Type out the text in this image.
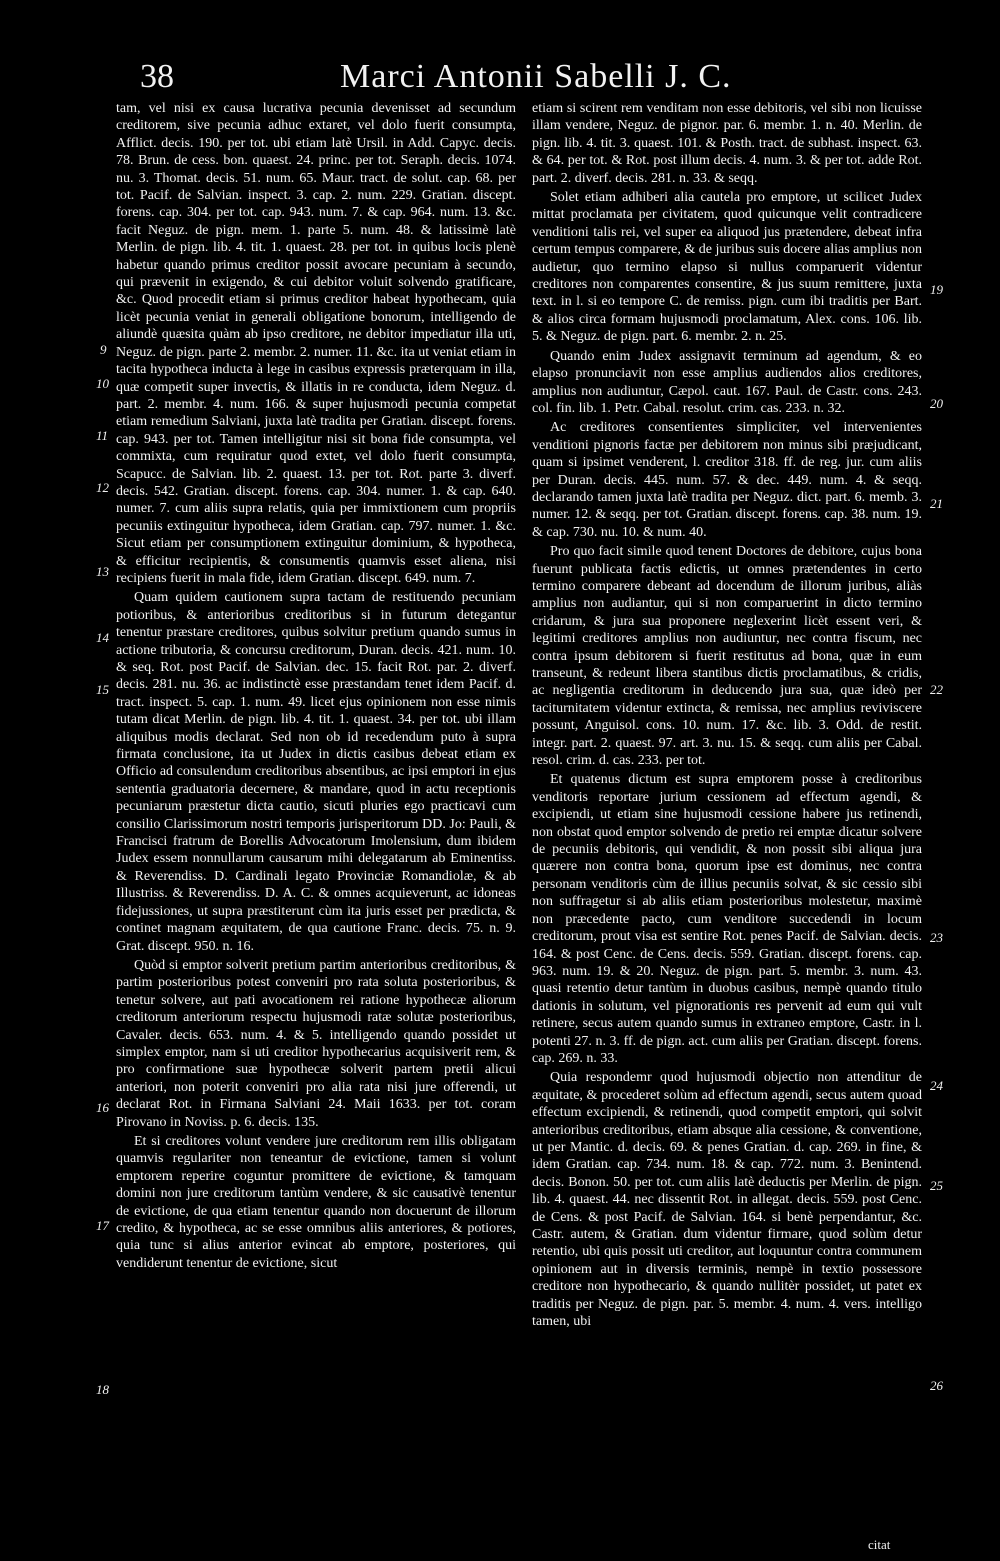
38	Marci Antonii Sabelli J. C.

tam, vel nisi ex causa lucrativa pecunia devenisset ad secundum creditorem, sive pecunia adhuc extaret, vel dolo fuerit consumpta, Afflict. decis. 190. per tot. ubi etiam latè Ursil. in Add. Capyc. decis. 78. Brun. de cess. bon. quaest. 24. princ. per tot. Seraph. decis. 1074. nu. 3. Thomat. decis. 51. num. 65. Maur. tract. de solut. cap. 68. per tot. Pacif. de Salvian. inspect. 3. cap. 2. num. 229. Gratian. discept. forens. cap. 304. per tot. cap. 943. num. 7. & cap. 964. num. 13. &c. facit Neguz. de pign. mem. 1. parte 5. num. 48. & latissimè latè Merlin. de pign. lib. 4. tit. 1. quaest. 28. per tot. in quibus locis plenè habetur quando primus creditor possit avocare pecuniam à secundo, qui prævenit in exigendo, & cui debitor voluit solvendo gratificare, &c. Quod procedit etiam si primus creditor habeat hypothecam, quia licèt pecunia veniat in generali obligatione bonorum, intelligendo de aliundè quæsita quàm ab ipso creditore, ne debitor impediatur illa uti, Neguz. de pign. parte 2. membr. 2. numer. 11. &c. ita ut veniat etiam in tacita hypotheca inducta à lege in casibus expressis præterquam in illa, quæ competit super invectis, & illatis in re conducta, idem Neguz. d. part. 2. membr. 4. num. 166. & super hujusmodi pecunia competat etiam remedium Salviani, juxta latè tradita per Gratian. discept. forens. cap. 943. per tot. Tamen intelligitur nisi sit bona fide consumpta, vel commixta, cum requiratur quod extet, vel dolo fuerit consumpta, Scapucc. de Salvian. lib. 2. quaest. 13. per tot. Rot. parte 3. diverf. decis. 542. Gratian. discept. forens. cap. 304. numer. 1. & cap. 640. numer. 7. cum aliis supra relatis, quia per immixtionem cum propriis pecuniis extinguitur hypotheca, idem Gratian. cap. 797. numer. 1. &c. Sicut etiam per consumptionem extinguitur dominium, & hypotheca, & efficitur recipientis, & consumentis quamvis esset aliena, nisi recipiens fuerit in mala fide, idem Gratian. discept. 649. num. 7.

Quam quidem cautionem supra tactam de restituendo pecuniam potioribus, & anterioribus creditoribus si in futurum detegantur tenentur præstare creditores, quibus solvitur pretium quando sumus in actione tributoria, & concursu creditorum, Duran. decis. 421. num. 10. & seq. Rot. post Pacif. de Salvian. dec. 15. facit Rot. par. 2. diverf. decis. 281. nu. 36. ac indistinctè esse præstandam tenet idem Pacif. d. tract. inspect. 5. cap. 1. num. 49. licet ejus opinionem non esse nimis tutam dicat Merlin. de pign. lib. 4. tit. 1. quaest. 34. per tot. ubi illam aliquibus modis declarat. Sed non ob id recedendum puto à supra firmata conclusione, ita ut Judex in dictis casibus debeat etiam ex Officio ad consulendum creditoribus absentibus, ac ipsi emptori in ejus sententia graduatoria decernere, & mandare, quod in actu receptionis pecuniarum præstetur dicta cautio, sicuti pluries ego practicavi cum consilio Clarissimorum nostri temporis jurisperitorum DD. Jo: Pauli, & Francisci fratrum de Borellis Advocatorum Imolensium, dum ibidem Judex essem nonnullarum causarum mihi delegatarum ab Eminentiss. & Reverendiss. D. Cardinali legato Provinciæ Romandiolæ, & ab Illustriss. & Reverendiss. D. A. C. & omnes acquieverunt, ac idoneas fidejussiones, ut supra præstiterunt cùm ita juris esset per prædicta, & continet magnam æquitatem, de qua cautione Franc. decis. 75. n. 9. Grat. discept. 950. n. 16.

Quòd si emptor solverit pretium partim anterioribus creditoribus, & partim posterioribus potest conveniri pro rata soluta posterioribus, & tenetur solvere, aut pati avocationem rei ratione hypothecæ aliorum creditorum anteriorum respectu hujusmodi ratæ solutæ posterioribus, Cavaler. decis. 653. num. 4. & 5. intelligendo quando possidet ut simplex emptor, nam si uti creditor hypothecarius acquisiverit rem, & pro confirmatione suæ hypothecæ solverit partem pretii alicui anteriori, non poterit conveniri pro alia rata nisi jure offerendi, ut declarat Rot. in Firmana Salviani 24. Maii 1633. per tot. coram Pirovano in Noviss. p. 6. decis. 135.

Et si creditores volunt vendere jure creditorum rem illis obligatam quamvis regulariter non teneantur de evictione, tamen si volunt emptorem reperire coguntur promittere de evictione, & tamquam domini non jure creditorum tantùm vendere, & sic causativè tenentur de evictione, de qua etiam tenentur quando non docuerunt de illorum credito, & hypotheca, ac se esse omnibus aliis anteriores, & potiores, quia tunc si alius anterior evincat ab emptore, posteriores, qui vendiderunt tenentur de evictione, sicut

etiam si scirent rem venditam non esse debitoris, vel sibi non licuisse illam vendere, Neguz. de pignor. par. 6. membr. 1. n. 40. Merlin. de pign. lib. 4. tit. 3. quaest. 101. & Posth. tract. de subhast. inspect. 63. & 64. per tot. & Rot. post illum decis. 4. num. 3. & per tot. adde Rot. part. 2. diverf. decis. 281. n. 33. & seqq.

Solet etiam adhiberi alia cautela pro emptore, ut scilicet Judex mittat proclamata per civitatem, quod quicunque velit contradicere venditioni talis rei, vel super ea aliquod jus prætendere, debeat infra certum tempus comparere, & de juribus suis docere alias amplius non audietur, quo termino elapso si nullus comparuerit videntur creditores non comparentes consentire, & jus suum remittere, juxta text. in l. si eo tempore C. de remiss. pign. cum ibi traditis per Bart. & alios circa formam hujusmodi proclamatum, Alex. cons. 106. lib. 5. & Neguz. de pign. part. 6. membr. 2. n. 25.

Quando enim Judex assignavit terminum ad agendum, & eo elapso pronunciavit non esse amplius audiendos alios creditores, amplius non audiuntur, Cæpol. caut. 167. Paul. de Castr. cons. 243. col. fin. lib. 1. Petr. Cabal. resolut. crim. cas. 233. n. 32.

Ac creditores consentientes simpliciter, vel intervenientes venditioni pignoris factæ per debitorem non minus sibi præjudicant, quam si ipsimet venderent, l. creditor 318. ff. de reg. jur. cum aliis per Duran. decis. 445. num. 57. & dec. 449. num. 4. & seqq. declarando tamen juxta latè tradita per Neguz. dict. part. 6. memb. 3. numer. 12. & seqq. per tot. Gratian. discept. forens. cap. 38. num. 19. & cap. 730. nu. 10. & num. 40.

Pro quo facit simile quod tenent Doctores de debitore, cujus bona fuerunt publicata factis edictis, ut omnes prætendentes in certo termino comparere debeant ad docendum de illorum juribus, aliàs amplius non audiantur, qui si non comparuerint in dicto termino cridarum, & jura sua proponere neglexerint licèt essent veri, & legitimi creditores amplius non audiuntur, nec contra fiscum, nec contra ipsum debitorem si fuerit restitutus ad bona, quæ in eum transeunt, & redeunt libera stantibus dictis proclamatibus, & cridis, ac negligentia creditorum in deducendo jura sua, quæ ideò per taciturnitatem videntur extincta, & remissa, nec amplius reviviscere possunt, Anguisol. cons. 10. num. 17. &c. lib. 3. Odd. de restit. integr. part. 2. quaest. 97. art. 3. nu. 15. & seqq. cum aliis per Cabal. resol. crim. d. cas. 233. per tot.

Et quatenus dictum est supra emptorem posse à creditoribus venditoris reportare jurium cessionem ad effectum agendi, & excipiendi, ut etiam sine hujusmodi cessione habere jus retinendi, non obstat quod emptor solvendo de pretio rei emptæ dicatur solvere de pecuniis debitoris, qui vendidit, & non possit sibi aliqua jura quærere non contra bona, quorum ipse est dominus, nec contra personam venditoris cùm de illius pecuniis solvat, & sic cessio sibi non suffragetur si ab aliis etiam posterioribus molestetur, maximè non præcedente pacto, cum venditore succedendi in locum creditorum, prout visa est sentire Rot. penes Pacif. de Salvian. decis. 164. & post Cenc. de Cens. decis. 559. Gratian. discept. forens. cap. 963. num. 19. & 20. Neguz. de pign. part. 5. membr. 3. num. 43. quasi retentio detur tantùm in duobus casibus, nempè quando titulo dationis in solutum, vel pignorationis res pervenit ad eum qui vult retinere, secus autem quando sumus in extraneo emptore, Castr. in l. potenti 27. n. 3. ff. de pign. act. cum aliis per Gratian. discept. forens. cap. 269. n. 33.

Quia respondemr quod hujusmodi objectio non attenditur de æquitate, & procederet solùm ad effectum agendi, secus autem quoad effectum excipiendi, & retinendi, quod competit emptori, qui solvit anterioribus creditoribus, etiam absque alia cessione, & conventione, ut per Mantic. d. decis. 69. & penes Gratian. d. cap. 269. in fine, & idem Gratian. cap. 734. num. 18. & cap. 772. num. 3. Benintend. decis. Bonon. 50. per tot. cum aliis latè deductis per Merlin. de pign. lib. 4. quaest. 44. nec dissentit Rot. in allegat. decis. 559. post Cenc. de Cens. & post Pacif. de Salvian. 164. si benè perpendantur, &c. Castr. autem, & Gratian. dum videntur firmare, quod solùm detur retentio, ubi quis possit uti creditor, aut loquuntur contra communem opinionem aut in diversis terminis, nempè in textio possessore creditore non hypothecario, & quando nullitèr possidet, ut patet ex traditis per Neguz. de pign. par. 5. membr. 4. num. 4. vers. intelligo tamen, ubi

9
10
11
12
13
14
15
16
17
18
19
20
21
22
23
24
25
26
citat
